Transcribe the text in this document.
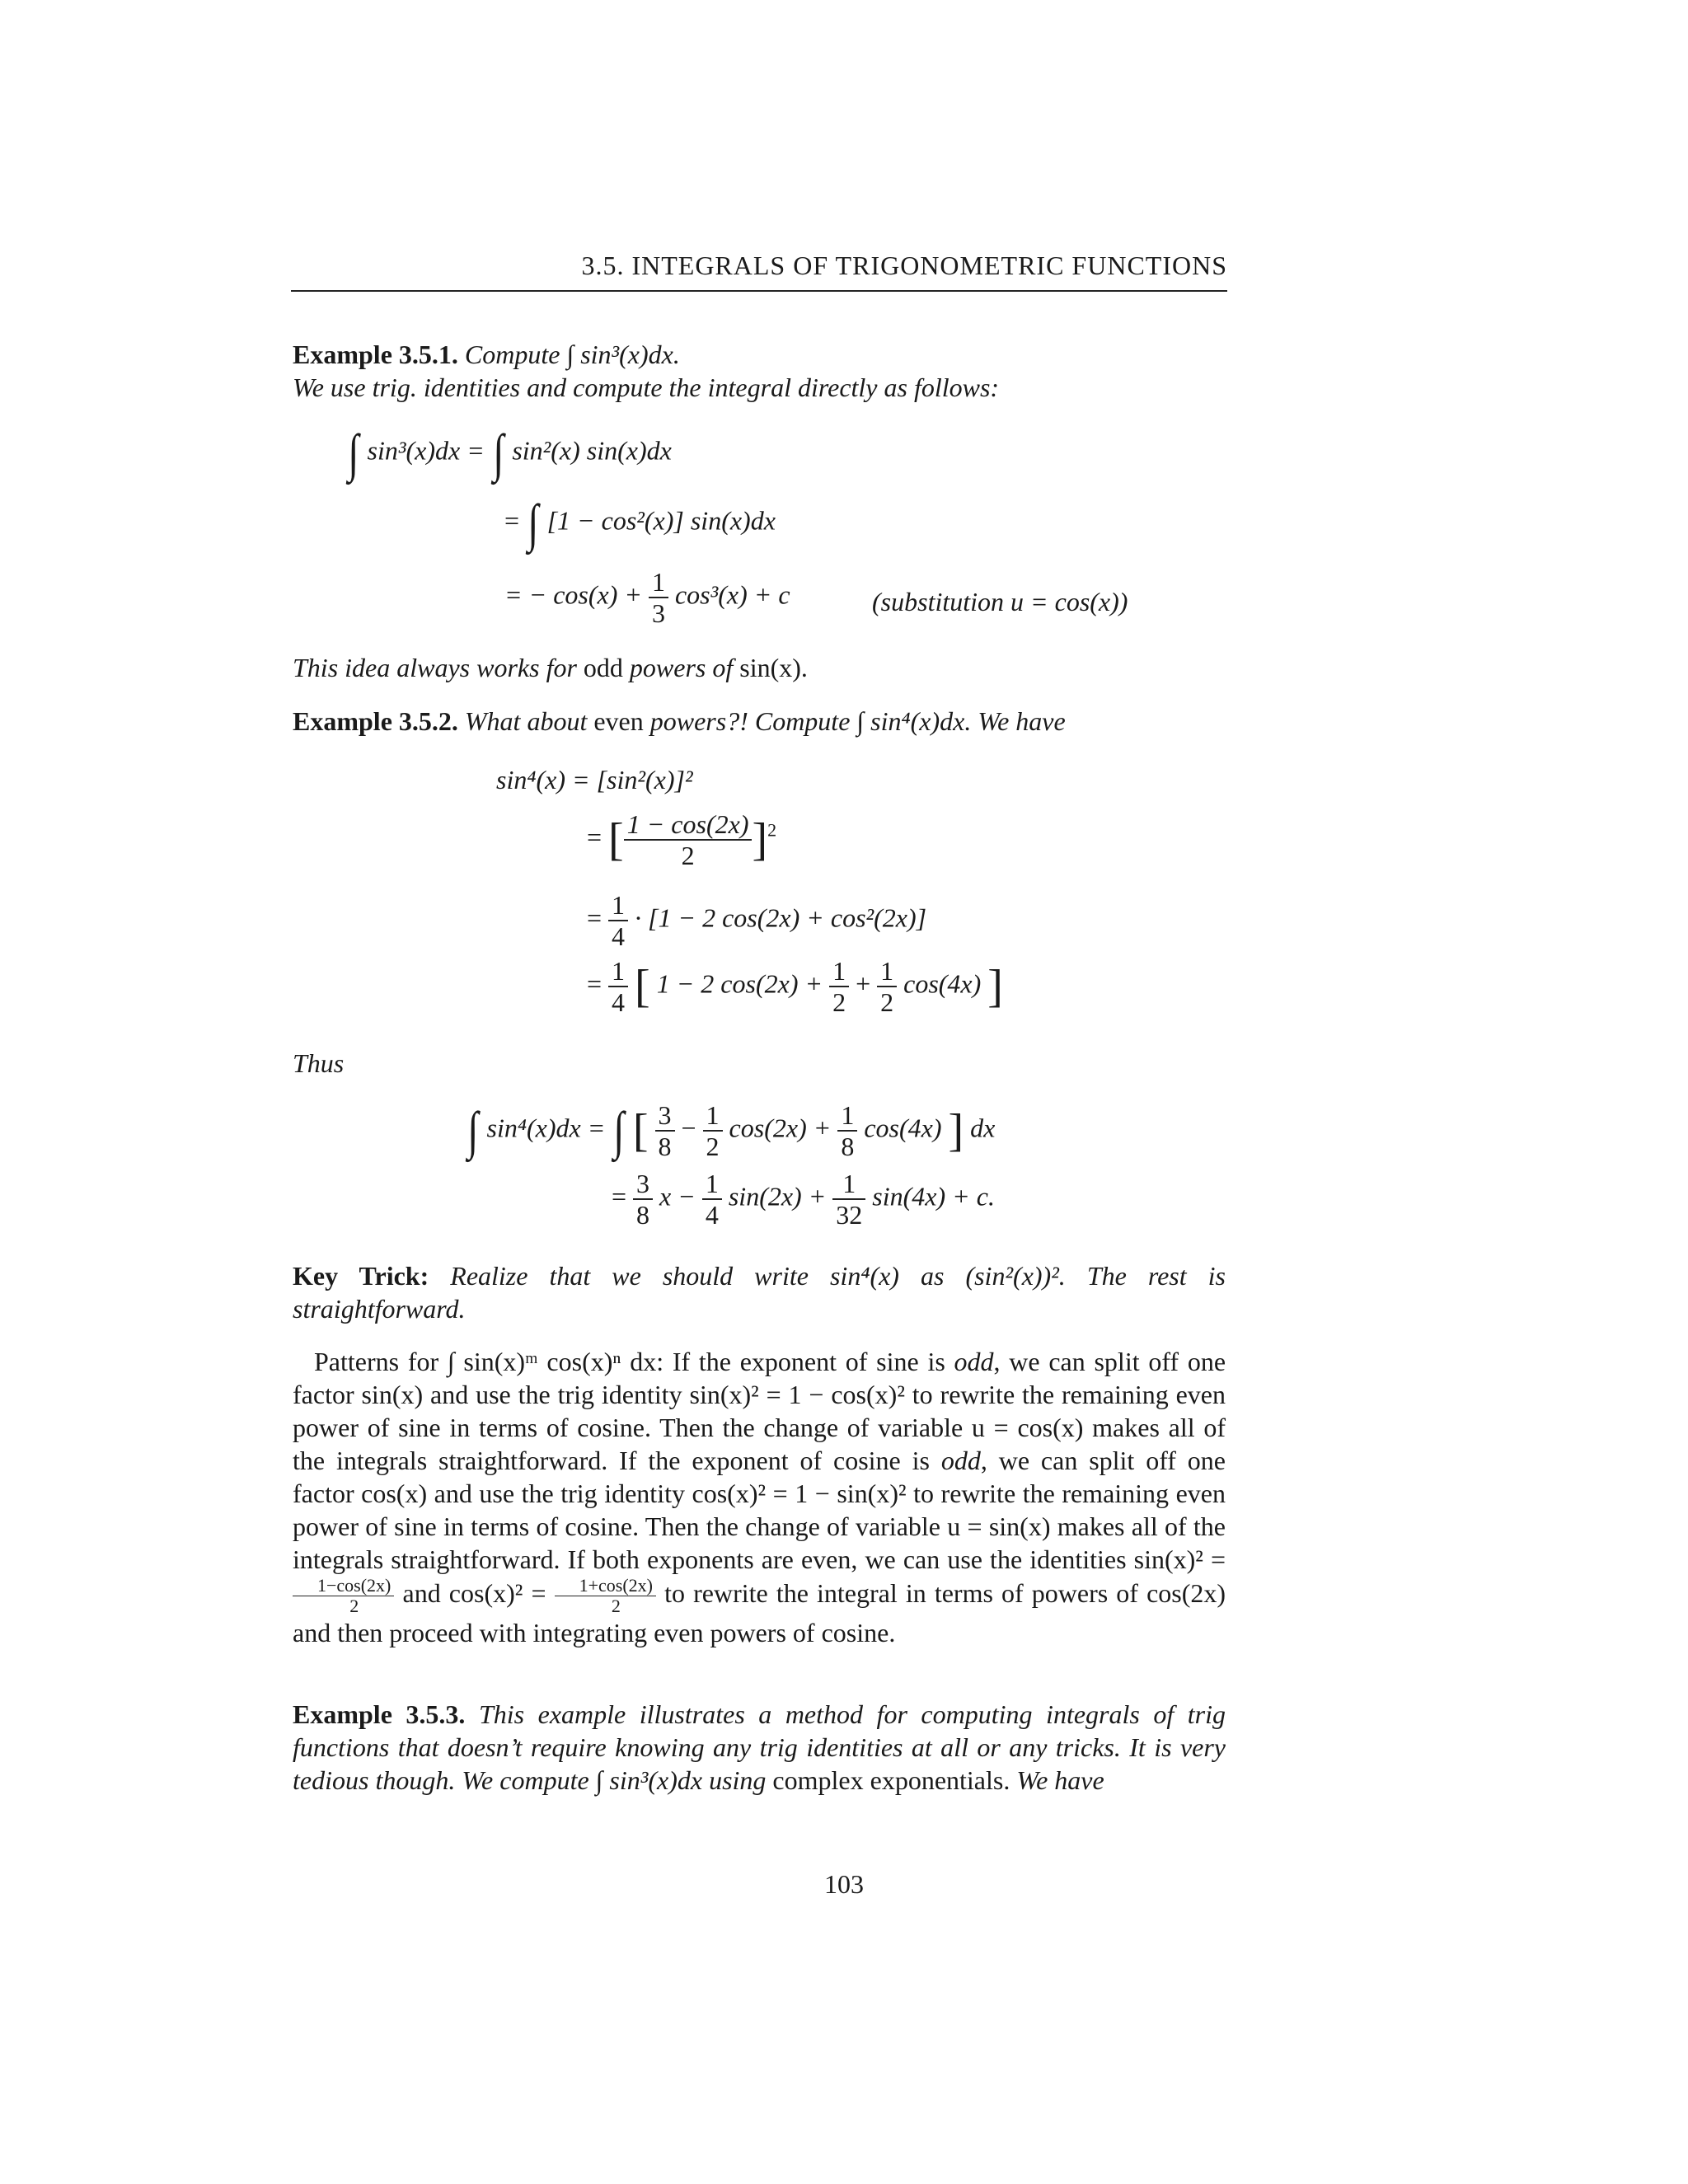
3.5. INTEGRALS OF TRIGONOMETRIC FUNCTIONS
Example 3.5.1. Compute ∫ sin³(x)dx.
We use trig. identities and compute the integral directly as follows:
∫ sin³(x)dx = ∫ sin²(x) sin(x)dx
= ∫ [1 − cos²(x)] sin(x)dx
= − $\cos(x) + \frac{1}{3} \cos^3(x) + c$	(substitution u = cos(x))
This idea always works for odd powers of sin(x).
Example 3.5.2. What about even powers?! Compute ∫ sin⁴(x)dx. We have
sin⁴(x) = [sin²(x)]²
= [ $\frac{1 - \cos(2x)}{2} ]^2$
= $\frac{1}{4} \cdot [1 - 2$ cos(2x) + cos²(2x)]
= $\frac{1}{4}$ [ 1 − 2 $\cos(2x) + \frac{1}{2} + \frac{1}{2} \cos(4x)$ ]
Thus
∫ sin⁴(x)dx = ∫ [ $\frac{3}{8} - \frac{1}{2} \cos(2x) + \frac{1}{8} \cos(4x)$ ] dx
= $\frac{3}{8}$ $x - \frac{1}{4} \sin(2x) + \frac{1}{32} \sin(4x) + c$.
Key Trick: Realize that we should write sin⁴(x) as (sin²(x))². The rest is straightforward.
Patterns for ∫ sin(x)ᵐ cos(x)ⁿ dx: If the exponent of sine is odd, we can split off one factor sin(x) and use the trig identity sin(x)² = 1 − cos(x)² to rewrite the remaining even power of sine in terms of cosine. Then the change of variable u = cos(x) makes all of the integrals straightforward. If the exponent of cosine is odd, we can split off one factor cos(x) and use the trig identity cos(x)² = 1 − sin(x)² to rewrite the remaining even power of sine in terms of cosine. Then the change of variable u = sin(x) makes all of the integrals straightforward. If both exponents are even, we can use the identities sin(x)² =
$\frac{1-\cos(2x)}{2}$ and $\cos(x)^2 = \frac{1+\cos(2x)}{2}$ to rewrite the integral in terms of powers of cos(2x) and then proceed with integrating even powers of cosine.
Example 3.5.3. This example illustrates a method for computing integrals of trig functions that doesn’t require knowing any trig identities at all or any tricks. It is very tedious though. We compute ∫ sin³(x)dx using complex exponentials. We have
103
